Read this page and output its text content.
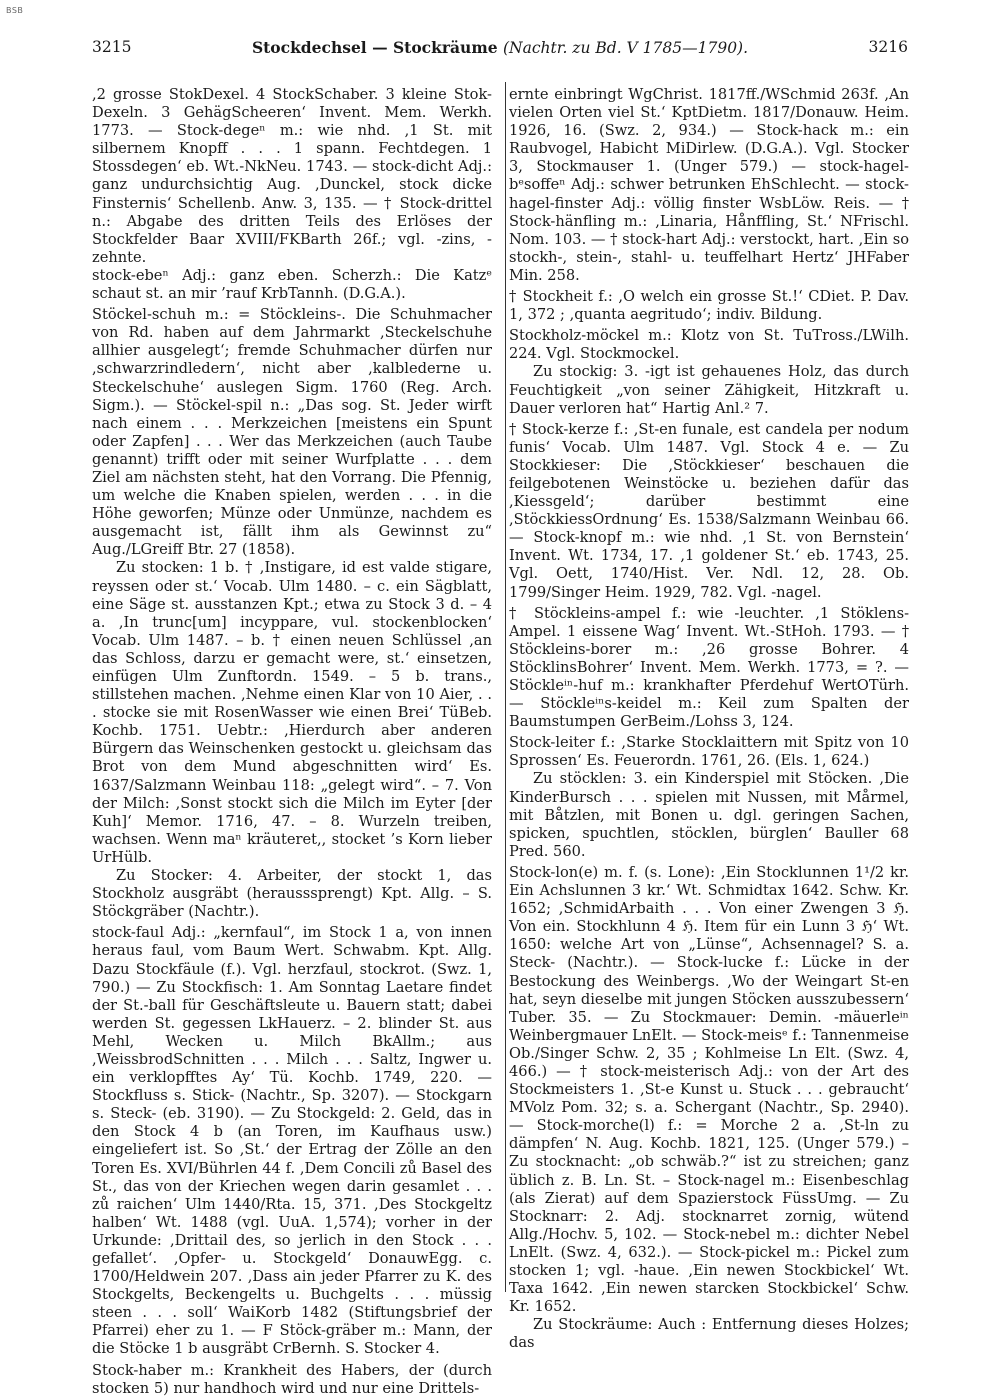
BSB
3215	Stockdechsel — Stockräume (Nachtr. zu Bd. V 1785—1790).	3216

,2 grosse StokDexel. 4 StockSchaber. 3 kleine Stok-Dexeln. 3 GehägScheeren‘ Invent. Mem. Werkh. 1773. — Stock-degeⁿ m.: wie nhd. ,1 St. mit silbernem Knopff . . . 1 spann. Fechtdegen. 1 Stossdegen‘ eb. Wt.-NkNeu. 1743. — stock-dicht Adj.: ganz undurchsichtig Aug. ,Dunckel, stock dicke Finsternis‘ Schellenb. Anw. 3, 135. — † Stock-drittel n.: Abgabe des dritten Teils des Erlöses der Stockfelder Baar XVIII/FKBarth 26f.; vgl. -zins, -zehnte.

stock-ebeⁿ Adj.: ganz eben. Scherzh.: Die Katzᵉ schaut st. an mir ’rauf KrbTannh. (D.G.A.).

Stöckel-schuh m.: = Stöckleins-. Die Schuhmacher von Rd. haben auf dem Jahrmarkt ,Steckelschuhe allhier ausgelegt‘; fremde Schuhmacher dürfen nur ,schwarzrindledern‘, nicht aber ,kalblederne u. Steckelschuhe‘ auslegen Sigm. 1760 (Reg. Arch. Sigm.). — Stöckel-spil n.: „Das sog. St. Jeder wirft nach einem . . . Merkzeichen [meistens ein Spunt oder Zapfen] . . . Wer das Merkzeichen (auch Taube genannt) trifft oder mit seiner Wurfplatte . . . dem Ziel am nächsten steht, hat den Vorrang. Die Pfennig, um welche die Knaben spielen, werden . . . in die Höhe geworfen; Münze oder Unmünze, nachdem es ausgemacht ist, fällt ihm als Gewinnst zu“ Aug./LGreiff Btr. 27 (1858).

Zu stocken: 1 b. † ,Instigare, id est valde stigare, reyssen oder st.‘ Vocab. Ulm 1480. – c. ein Sägblatt, eine Säge st. ausstanzen Kpt.; etwa zu Stock 3 d. – 4 a. ,In trunc[um] incyppare, vul. stockenblocken‘ Vocab. Ulm 1487. – b. † einen neuen Schlüssel ,an das Schloss, darzu er gemacht were, st.‘ einsetzen, einfügen Ulm Zunftordn. 1549. – 5 b. trans., stillstehen machen. ,Nehme einen Klar von 10 Aier, . . . stocke sie mit RosenWasser wie einen Brei‘ TüBeb. Kochb. 1751. Uebtr.: ,Hierdurch aber anderen Bürgern das Weinschenken gestockt u. gleichsam das Brot von dem Mund abgeschnitten wird‘ Es. 1637/Salzmann Weinbau 118: „gelegt wird“. – 7. Von der Milch: ,Sonst stockt sich die Milch im Eyter [der Kuh]‘ Memor. 1716, 47. – 8. Wurzeln treiben, wachsen. Wenn maⁿ kräuteret,, stocket ’s Korn lieber UrHülb.

Zu Stocker: 4. Arbeiter, der stockt 1, das Stockholz ausgräbt (herausssprengt) Kpt. Allg. – S. Stöckgräber (Nachtr.).

stock-faul Adj.: „kernfaul“, im Stock 1 a, von innen heraus faul, vom Baum Wert. Schwabm. Kpt. Allg. Dazu Stockfäule (f.). Vgl. herzfaul, stockrot. (Swz. 1, 790.) — Zu Stockfisch: 1. Am Sonntag Laetare findet der St.-ball für Geschäftsleute u. Bauern statt; dabei werden St. gegessen LkHauerz. – 2. blinder St. aus Mehl, Wecken u. Milch BkAllm.; aus ,WeissbrodSchnitten . . . Milch . . . Saltz, Ingwer u. ein verklopfftes Ay‘ Tü. Kochb. 1749, 220. — Stockfluss s. Stick- (Nachtr., Sp. 3207). — Stockgarn s. Steck- (eb. 3190). — Zu Stockgeld: 2. Geld, das in den Stock 4 b (an Toren, im Kaufhaus usw.) eingeliefert ist. So ,St.‘ der Ertrag der Zölle an den Toren Es. XVI/Bührlen 44 f. ,Dem Concili zů Basel des St., das von der Kriechen wegen darin gesamlet . . . zů raichen‘ Ulm 1440/Rta. 15, 371. ,Des Stockgeltz halben‘ Wt. 1488 (vgl. UuA. 1,574); vorher in der Urkunde: ,Drittail des, so jerlich in den Stock . . . gefallet‘. ,Opfer- u. Stockgeld‘ DonauwEgg. c. 1700/Heldwein 207. ,Dass ain jeder Pfarrer zu K. des Stockgelts, Beckengelts u. Buchgelts . . . müssig steen . . . soll‘ WaiKorb 1482 (Stiftungsbrief der Pfarrei) eher zu 1. — F Stöck-gräber m.: Mann, der die Stöcke 1 b ausgräbt CrBernh. S. Stocker 4.

Stock-haber m.: Krankheit des Habers, der (durch stocken 5) nur handhoch wird und nur eine Drittels-

ernte einbringt WgChrist. 1817ff./WSchmid 263f. ,An vielen Orten viel St.‘ KptDietm. 1817/Donauw. Heim. 1926, 16. (Swz. 2, 934.) — Stock-hack m.: ein Raubvogel, Habicht MiDirlew. (D.G.A.). Vgl. Stocker 3, Stockmauser 1. (Unger 579.) — stock-hagel-bᵉsoffeⁿ Adj.: schwer betrunken EhSchlecht. — stock-hagel-finster Adj.: völlig finster WsbLöw. Reis. — † Stock-hänfling m.: ,Linaria, Hånffling, St.‘ NFrischl. Nom. 103. — † stock-hart Adj.: verstockt, hart. ,Ein so stockh-, stein-, stahl- u. teuffelhart Hertz‘ JHFaber Min. 258.

† Stockheit f.: ,O welch ein grosse St.!‘ CDiet. P. Dav. 1, 372 ; ,quanta aegritudo‘; indiv. Bildung.

Stockholz-möckel m.: Klotz von St. TuTross./LWilh. 224. Vgl. Stockmockel.

Zu stockig: 3. -igt ist gehauenes Holz, das durch Feuchtigkeit „von seiner Zähigkeit, Hitzkraft u. Dauer verloren hat“ Hartig Anl.² 7.

† Stock-kerze f.: ,St-en funale, est candela per nodum funis‘ Vocab. Ulm 1487. Vgl. Stock 4 e. — Zu Stockkieser: Die ,Stöckkieser‘ beschauen die feilgebotenen Weinstöcke u. beziehen dafür das ,Kiessgeld‘; darüber bestimmt eine ,StöckkiessOrdnung‘ Es. 1538/Salzmann Weinbau 66. — Stock-knopf m.: wie nhd. ,1 St. von Bernstein‘ Invent. Wt. 1734, 17. ,1 goldener St.‘ eb. 1743, 25. Vgl. Oett, 1740/Hist. Ver. Ndl. 12, 28. Ob. 1799/Singer Heim. 1929, 782. Vgl. -nagel.

† Stöckleins-ampel f.: wie -leuchter. ,1 Stöklens-Ampel. 1 eissene Wag‘ Invent. Wt.-StHoh. 1793. — † Stöckleins-borer m.: ,26 grosse Bohrer. 4 StöcklinsBohrer‘ Invent. Mem. Werkh. 1773, = ?. — Stöckleⁱⁿ-huf m.: krankhafter Pferdehuf WertOTürh. — Stöckleⁱⁿs-keidel m.: Keil zum Spalten der Baumstumpen GerBeim./Lohss 3, 124.

Stock-leiter f.: ,Starke Stocklaittern mit Spitz von 10 Sprossen‘ Es. Feuerordn. 1761, 26. (Els. 1, 624.)

Zu stöcklen: 3. ein Kinderspiel mit Stöcken. ,Die KinderBursch . . . spielen mit Nussen, mit Mårmel, mit Båtzlen, mit Bonen u. dgl. geringen Sachen, spicken, spuchtlen, stöcklen, bürglen‘ Bauller 68 Pred. 560.

Stock-lon(e) m. f. (s. Lone): ,Ein Stocklunnen 1¹/2 kr. Ein Achslunnen 3 kr.‘ Wt. Schmidtax 1642. Schw. Kr. 1652; ,SchmidArbaith . . . Von einer Zwengen 3 ℌ. Von ein. Stockhlunn 4 ℌ. Item für ein Lunn 3 ℌ‘ Wt. 1650: welche Art von „Lünse“, Achsennagel? S. a. Steck- (Nachtr.). — Stock-lucke f.: Lücke in der Bestockung des Weinbergs. ,Wo der Weingart St-en hat, seyn dieselbe mit jungen Stöcken ausszubessern‘ Tuber. 35. — Zu Stockmauer: Demin. -mäuerleⁱⁿ Weinbergmauer LnElt. — Stock-meisᵉ f.: Tannenmeise Ob./Singer Schw. 2, 35 ; Kohlmeise Ln Elt. (Swz. 4, 466.) — † stock-meisterisch Adj.: von der Art des Stockmeisters 1. ,St-e Kunst u. Stuck . . . gebraucht‘ MVolz Pom. 32; s. a. Schergant (Nachtr., Sp. 2940). — Stock-morche(l) f.: = Morche 2 a. ,St-ln zu dämpfen‘ N. Aug. Kochb. 1821, 125. (Unger 579.) – Zu stocknacht: „ob schwäb.?“ ist zu streichen; ganz üblich z. B. Ln. St. – Stock-nagel m.: Eisenbeschlag (als Zierat) auf dem Spazierstock FüssUmg. — Zu Stocknarr: 2. Adj. stocknarret zornig, wütend Allg./Hochv. 5, 102. — Stock-nebel m.: dichter Nebel LnElt. (Swz. 4, 632.). — Stock-pickel m.: Pickel zum stocken 1; vgl. -haue. ,Ein newen Stockbickel‘ Wt. Taxa 1642. ,Ein newen starcken Stockbickel‘ Schw. Kr. 1652.

Zu Stockräume: Auch : Entfernung dieses Holzes; das
